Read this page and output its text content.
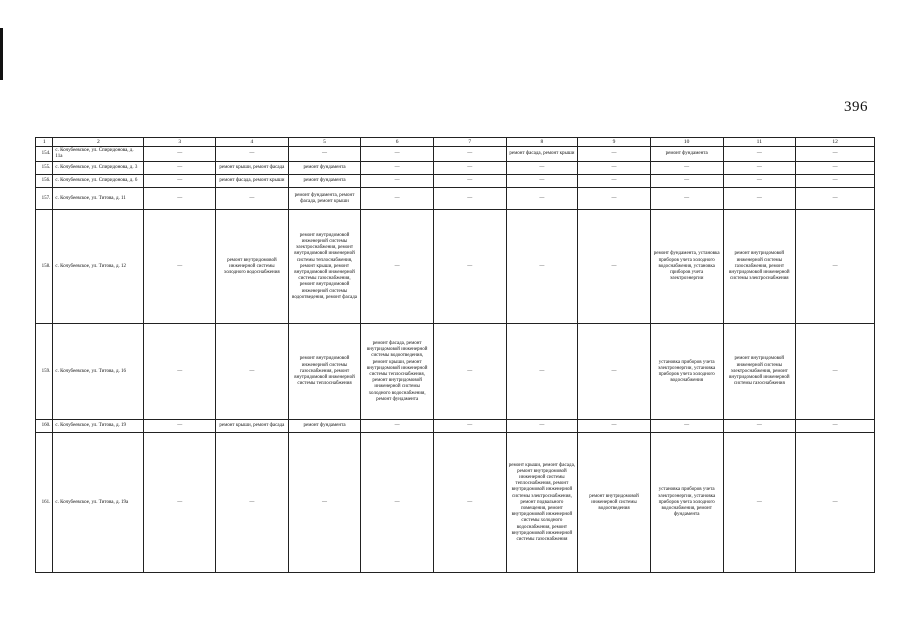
396
1	2	3	4	5	6	7	8	9	10	11	12
154.	с. Кочубеевское, ул. Спиридонова, д. 11а	—	—	—	—	—	ремонт фасада, ремонт крыши	—	ремонт фундамента	—	—
155.	с. Кочубеевское, ул. Спиридонова, д. 3	—	ремонт крыши, ремонт фасада	ремонт фундамента	—	—	—	—	—	—	—
156.	с. Кочубеевское, ул. Спиридонова, д. 6	—	ремонт фасада, ремонт крыши	ремонт фундамента	—	—	—	—	—	—	—
157.	с. Кочубеевское, ул. Титова, д. 11	—	—	ремонт фундамента, ремонт фасада, ремонт крыши	—	—	—	—	—	—	—
158.	с. Кочубеевское, ул. Титова, д. 12	—	ремонт внутридомовой инженерной системы холодного водоснабжения	ремонт внутридомовой инженерной системы электроснабжения, ремонт внутридомовой инженерной системы теплоснабжения, ремонт крыши, ремонт внутридомовой инженерной системы газоснабжения, ремонт внутридомовой инженерной системы водоотведения, ремонт фасада	—	—	—	—	ремонт фундамента, установка приборов учета холодного водоснабжения, установка приборов учета электроэнергии	ремонт внутридомовой инженерной системы газоснабжения, ремонт внутридомовой инженерной системы электроснабжения	—
159.	с. Кочубеевское, ул. Титова, д. 16	—	—	ремонт внутридомовой инженерной системы газоснабжения, ремонт внутридомовой инженерной системы теплоснабжения	ремонт фасада, ремонт внутридомовой инженерной системы водоотведения, ремонт крыши, ремонт внутридомовой инженерной системы теплоснабжения, ремонт внутридомовой инженерной системы холодного водоснабжения, ремонт фундамента	—	—	—	установка приборов учета электроэнергии, установка приборов учета холодного водоснабжения	ремонт внутридомовой инженерной системы электроснабжения, ремонт внутридомовой инженерной системы газоснабжения	—
160.	с. Кочубеевское, ул. Титова, д. 19	—	ремонт крыши, ремонт фасада	ремонт фундамента	—	—	—	—	—	—	—
161.	с. Кочубеевское, ул. Титова, д. 19а	—	—	—	—	—	ремонт крыши, ремонт фасада, ремонт внутридомовой инженерной системы теплоснабжения, ремонт внутридомовой инженерной системы электроснабжения, ремонт подвального помещения, ремонт внутридомовой инженерной системы холодного водоснабжения, ремонт внутридомовой инженерной системы газоснабжения	ремонт внутридомовой инженерной системы водоотведения	установка приборов учета электроэнергии, установка приборов учета холодного водоснабжения, ремонт фундамента	—	—
